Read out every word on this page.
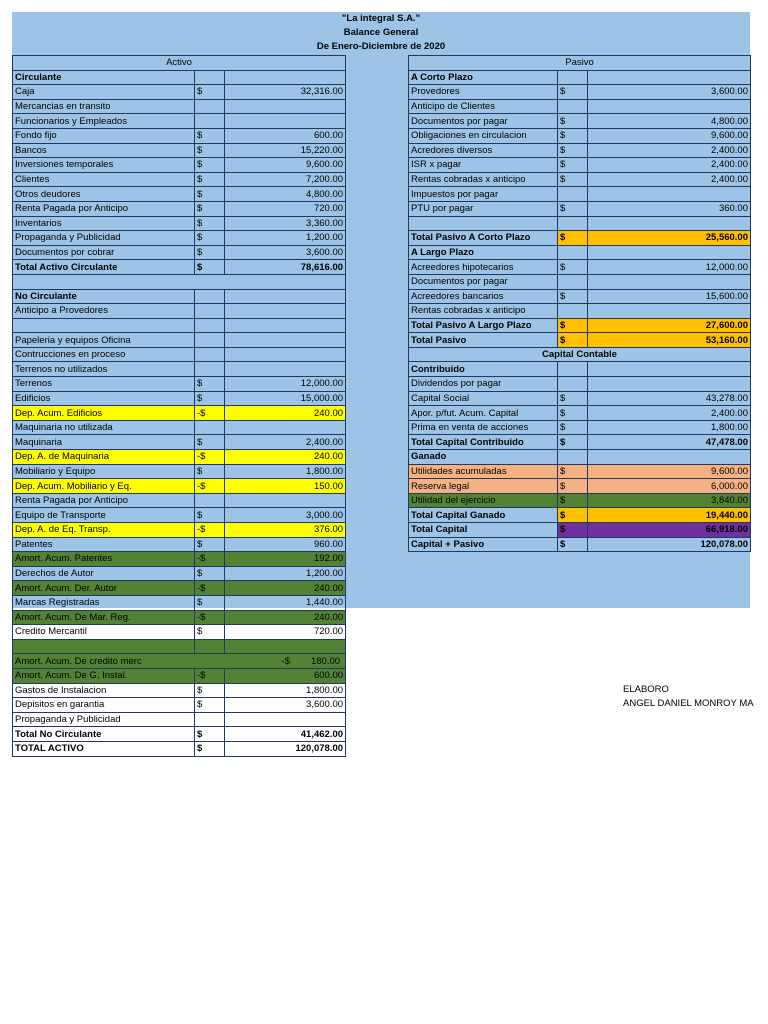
"La integral S.A."
Balance General
De Enero-Diciembre de 2020
Activo		
Circulante		
Caja	$	32,316.00
Mercancias en transito		
Funcionarios y Empleados		
Fondo fijo	$	600.00
Bancos	$	15,220.00
Inversiones temporales	$	9,600.00
Clientes	$	7,200.00
Otros deudores	$	4,800.00
Renta Pagada por Anticipo	$	720.00
Inventarios	$	3,360.00
Propaganda y Publicidad	$	1,200.00
Documentos por cobrar	$	3,600.00
Total Activo Circulante	$	78,616.00

No Circulante		
Anticipo a Provedores		

Papeleria y equipos Oficina		
Contrucciones en proceso		
Terrenos no utilizados		
Terrenos	$	12,000.00
Edificios	$	15,000.00
Dep. Acum. Edificios	-$	240.00
Maquinaria no utilizada		
Maquinaria	$	2,400.00
Dep. A. de Maquinaria	-$	240.00
Mobiliario y Equipo	$	1,800.00
Dep. Acum. Mobiliario y Eq.	-$	150.00
Renta Pagada por Anticipo		
Equipo de Transporte	$	3,000.00
Dep. A. de Eq. Transp.	-$	376.00
Patentes	$	960.00
Amort. Acum. Patentes	-$	192.00
Derechos de Autor	$	1,200.00
Amort. Acum. Der. Autor	-$	240.00
Marcas Registradas	$	1,440.00
Amort. Acum. De Mar. Reg.	-$	240.00
Credito Mercantil	$	720.00

Amort. Acum. De credito merc -$        180.00		

Amort. Acum. De G. Instal.	-$	600.00
Gastos de Instalacion	$	1,800.00
Depisitos en garantia	$	3,600.00
Propaganda y Publicidad		
Total No Circulante	$	41,462.00
TOTAL ACTIVO	$	120,078.00
Pasivo		
A Corto Plazo		
Provedores	$	3,600.00
Anticipo de Clientes		
Documentos por pagar	$	4,800.00
Obligaciones en circulacion	$	9,600.00
Acredores diversos	$	2,400.00
ISR x pagar	$	2,400.00
Rentas cobradas x anticipo	$	2,400.00
Impuestos por pagar		
PTU por pagar	$	360.00

Total Pasivo A Corto Plazo	$	25,560.00
A Largo Plazo		
Acreedores hipotecarios	$	12,000.00
Documentos por pagar		
Acreedores bancarios	$	15,600.00
Rentas cobradas x anticipo		
Total Pasivo A Largo Plazo	$	27,600.00
Total Pasivo	$	53,160.00
Capital Contable		
Contribuido		
Dividendos por pagar		
Capital Social	$	43,278.00
Apor. p/fut. Acum. Capital	$	2,400.00
Prima en venta de acciones	$	1,800.00
Total Capital Contribuido	$	47,478.00
Ganado		
Utilidades acumuladas	$	9,600.00
Reserva legal	$	6,000.00
Utilidad del ejercicio	$	3,840.00
Total Capital Ganado	$	19,440.00
Total Capital	$	66,918.00
Capital + Pasivo	$	120,078.00
ELABORO
ANGEL DANIEL MONROY MA
